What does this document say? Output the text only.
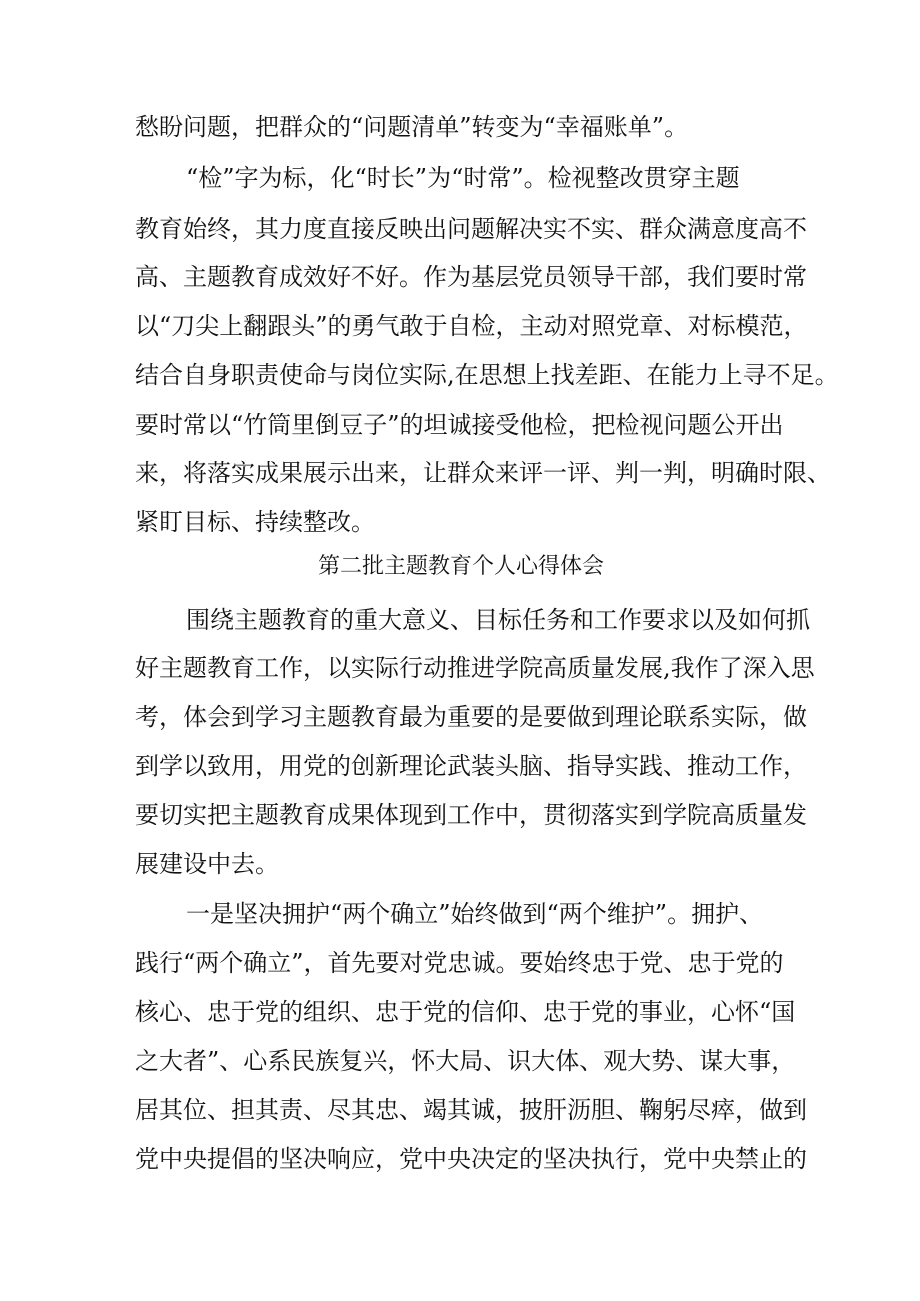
愁盼问题，把群众的“问题清单”转变为“幸福账单”。

“检”字为标，化“时长”为“时常”。检视整改贯穿主题

教育始终，其力度直接反映出问题解决实不实、群众满意度高不

高、主题教育成效好不好。作为基层党员领导干部，我们要时常

以“刀尖上翻跟头”的勇气敢于自检，主动对照党章、对标模范，

结合自身职责使命与岗位实际,在思想上找差距、在能力上寻不足。

要时常以“竹筒里倒豆子”的坦诚接受他检，把检视问题公开出

来，将落实成果展示出来，让群众来评一评、判一判，明确时限、

紧盯目标、持续整改。

第二批主题教育个人心得体会

围绕主题教育的重大意义、目标任务和工作要求以及如何抓

好主题教育工作，以实际行动推进学院高质量发展,我作了深入思

考，体会到学习主题教育最为重要的是要做到理论联系实际，做

到学以致用，用党的创新理论武装头脑、指导实践、推动工作，

要切实把主题教育成果体现到工作中，贯彻落实到学院高质量发

展建设中去。

一是坚决拥护“两个确立”始终做到“两个维护”。拥护、

践行“两个确立”，首先要对党忠诚。要始终忠于党、忠于党的

核心、忠于党的组织、忠于党的信仰、忠于党的事业，心怀“国

之大者”、心系民族复兴，怀大局、识大体、观大势、谋大事，

居其位、担其责、尽其忠、竭其诚，披肝沥胆、鞠躬尽瘁，做到

党中央提倡的坚决响应，党中央决定的坚决执行，党中央禁止的
